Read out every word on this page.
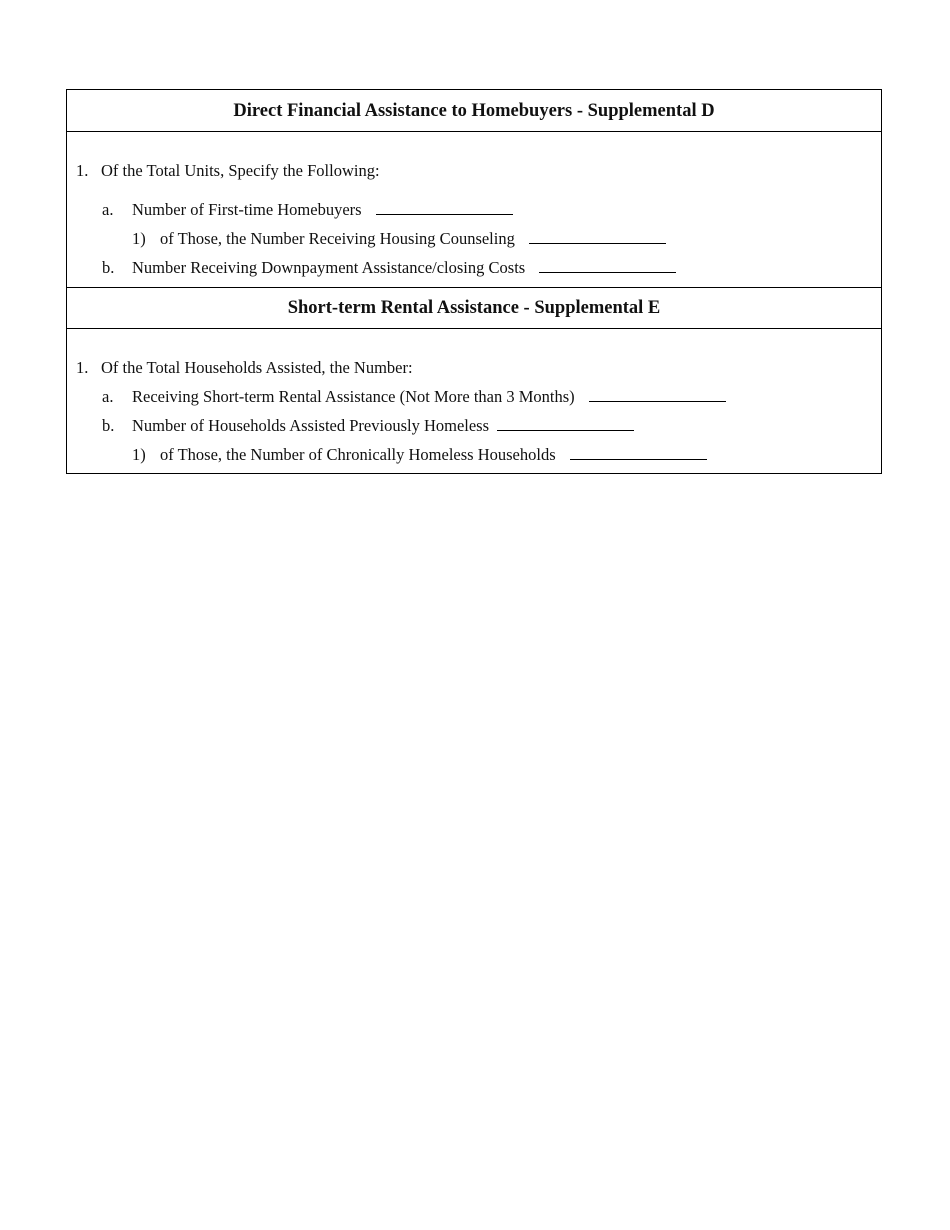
Direct Financial Assistance to Homebuyers - Supplemental D
1. Of the Total Units, Specify the Following:
a. Number of First-time Homebuyers
1) of Those, the Number Receiving Housing Counseling
b. Number Receiving Downpayment Assistance/closing Costs
Short-term Rental Assistance - Supplemental E
1. Of the Total Households Assisted, the Number:
a. Receiving Short-term Rental Assistance (Not More than 3 Months)
b. Number of Households Assisted Previously Homeless
1) of Those, the Number of Chronically Homeless Households
